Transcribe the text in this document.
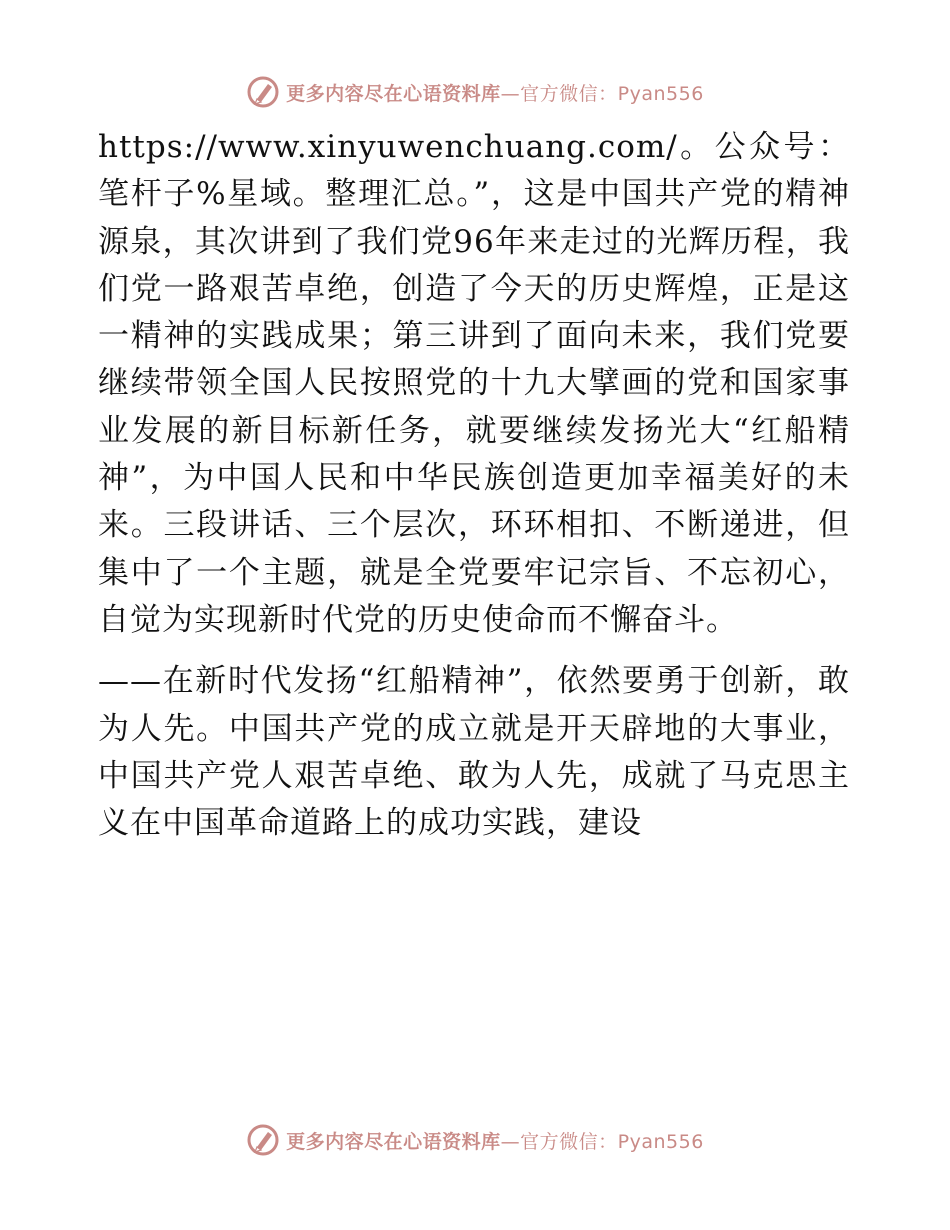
更多内容尽在心语资料库—官方微信：Pyan556

https://www.xinyuwenchuang.com/。公众号：笔杆子%星域。整理汇总。”，这是中国共产党的精神源泉，其次讲到了我们党96年来走过的光辉历程，我们党一路艰苦卓绝，创造了今天的历史辉煌，正是这一精神的实践成果；第三讲到了面向未来，我们党要继续带领全国人民按照党的十九大擘画的党和国家事业发展的新目标新任务，就要继续发扬光大“红船精神”，为中国人民和中华民族创造更加幸福美好的未来。三段讲话、三个层次，环环相扣、不断递进，但集中了一个主题，就是全党要牢记宗旨、不忘初心，自觉为实现新时代党的历史使命而不懈奋斗。

——在新时代发扬“红船精神”，依然要勇于创新，敢为人先。中国共产党的成立就是开天辟地的大事业，中国共产党人艰苦卓绝、敢为人先，成就了马克思主义在中国革命道路上的成功实践，建设

更多内容尽在心语资料库—官方微信：Pyan556
